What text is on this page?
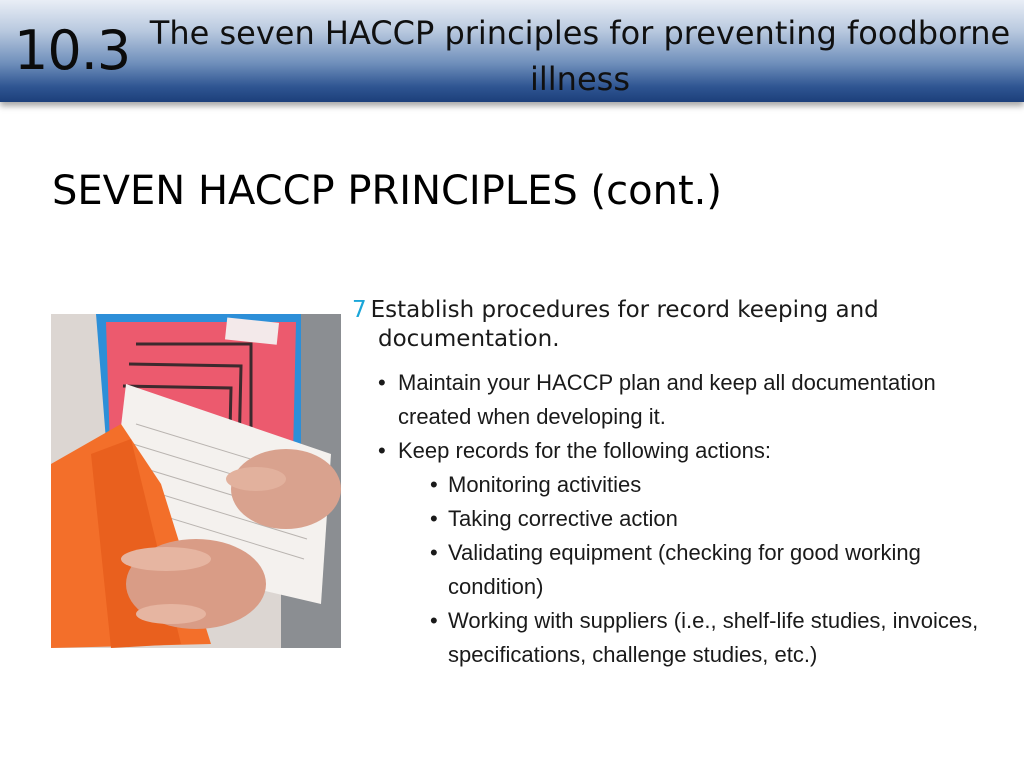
10.3 The seven HACCP principles for preventing foodborne illness
SEVEN HACCP PRINCIPLES (cont.)

7 Establish procedures for record keeping and documentation.

• Maintain your HACCP plan and keep all documentation created when developing it.
• Keep records for the following actions:
• Monitoring activities
• Taking corrective action
• Validating equipment (checking for good working condition)
• Working with suppliers (i.e., shelf-life studies, invoices, specifications, challenge studies, etc.)
